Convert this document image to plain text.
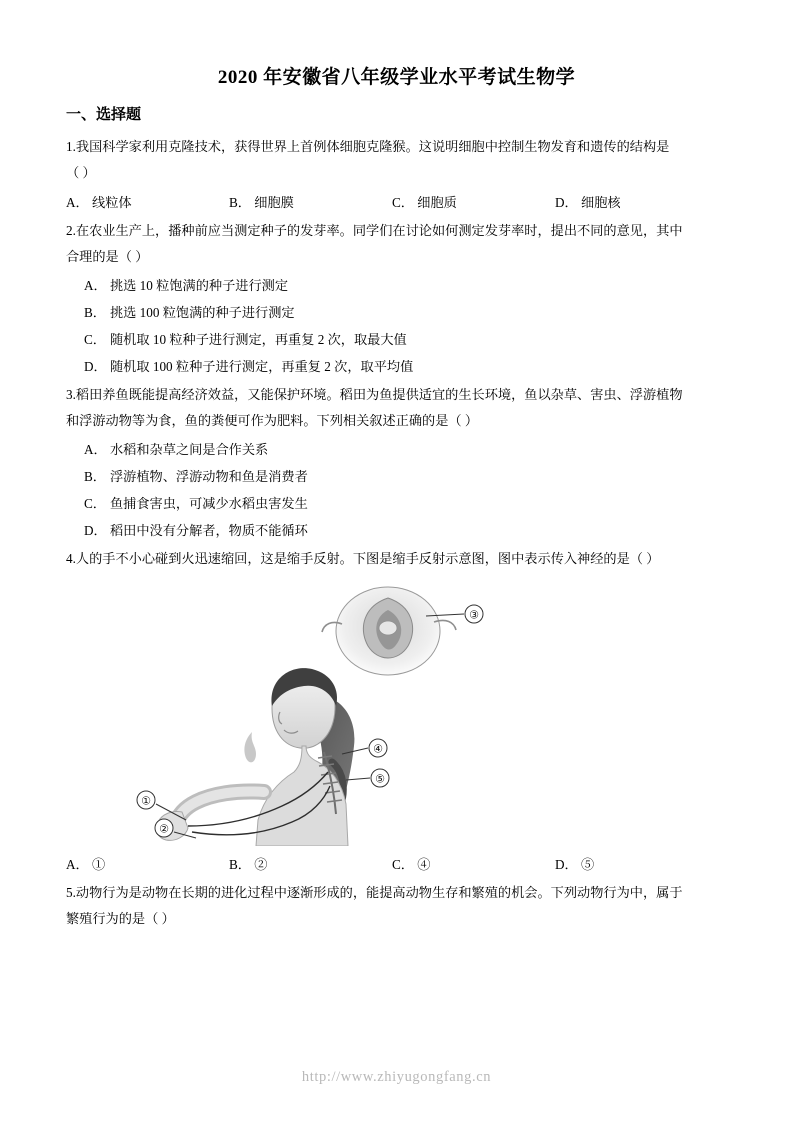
2020 年安徽省八年级学业水平考试生物学
一、选择题
1.我国科学家利用克隆技术，获得世界上首例体细胞克隆猴。这说明细胞中控制生物发育和遗传的结构是
（ ）
A． 线粒体	B． 细胞膜	C． 细胞质	D． 细胞核
2.在农业生产上，播种前应当测定种子的发芽率。同学们在讨论如何测定发芽率时，提出不同的意见，其中
合理的是（ ）
A． 挑选 10 粒饱满的种子进行测定
B． 挑选 100 粒饱满的种子进行测定
C． 随机取 10 粒种子进行测定，再重复 2 次，取最大值
D． 随机取 100 粒种子进行测定，再重复 2 次，取平均值
3.稻田养鱼既能提高经济效益，又能保护环境。稻田为鱼提供适宜的生长环境，鱼以杂草、害虫、浮游植物
和浮游动物等为食，鱼的粪便可作为肥料。下列相关叙述正确的是（ ）
A． 水稻和杂草之间是合作关系
B． 浮游植物、浮游动物和鱼是消费者
C． 鱼捕食害虫，可减少水稻虫害发生
D． 稻田中没有分解者，物质不能循环
4.人的手不小心碰到火迅速缩回，这是缩手反射。下图是缩手反射示意图，图中表示传入神经的是（ ）
③
①
②
④
⑤
A． ①	B． ②	C． ④	D． ⑤
5.动物行为是动物在长期的进化过程中逐渐形成的，能提高动物生存和繁殖的机会。下列动物行为中，属于
繁殖行为的是（ ）
http://www.zhiyugongfang.cn
